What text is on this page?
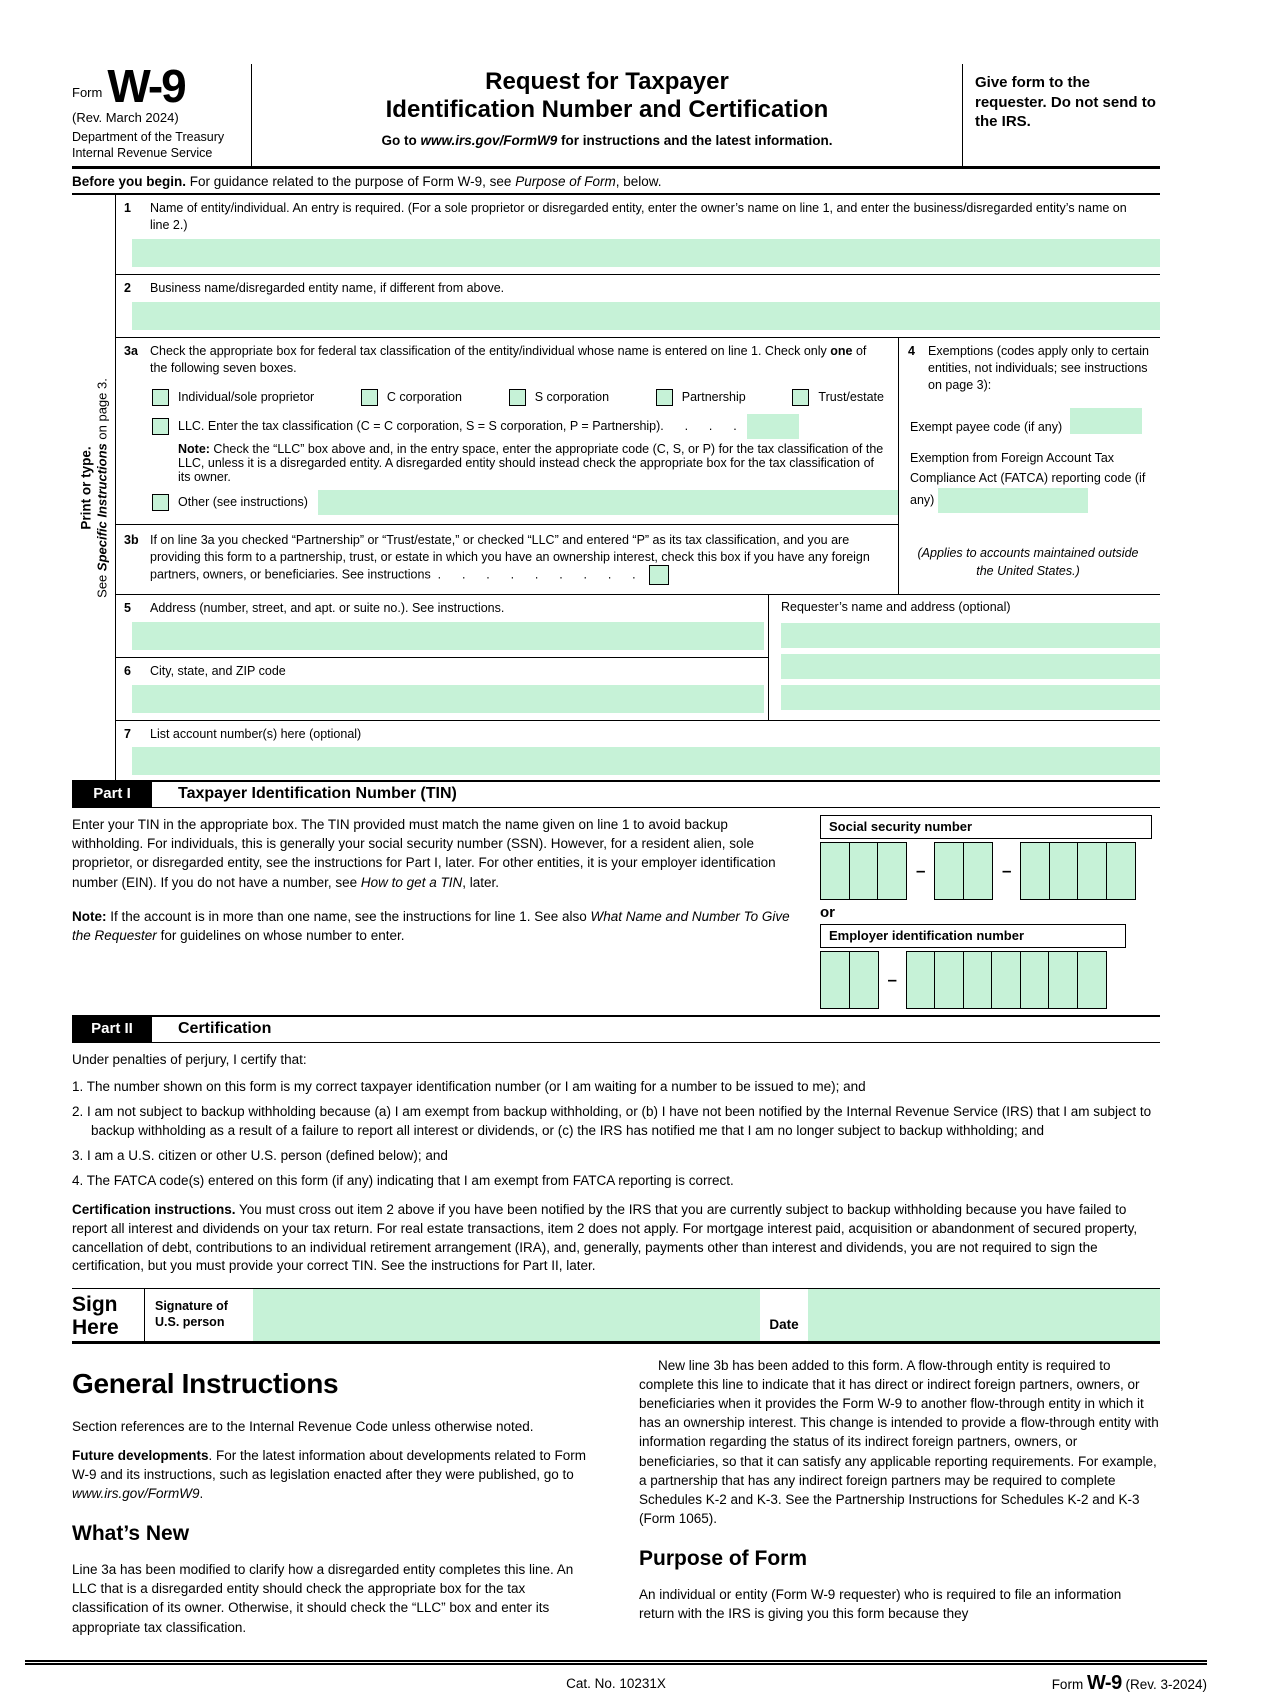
Form W-9
(Rev. March 2024)
Department of the Treasury
Internal Revenue Service
Request for Taxpayer
Identification Number and Certification
Go to www.irs.gov/FormW9 for instructions and the latest information.
Give form to the requester. Do not send to the IRS.
Before you begin. For guidance related to the purpose of Form W-9, see Purpose of Form, below.
Print or type.
See Specific Instructions on page 3.
1	Name of entity/individual. An entry is required. (For a sole proprietor or disregarded entity, enter the owner’s name on line 1, and enter the business/disregarded entity’s name on line 2.)
2	Business name/disregarded entity name, if different from above.
3a Check the appropriate box for federal tax classification of the entity/individual whose name is entered on line 1. Check only one of the following seven boxes.
Individual/sole proprietor	C corporation	S corporation	Partnership	Trust/estate
LLC. Enter the tax classification (C = C corporation, S = S corporation, P = Partnership) .      .      .      .
Note: Check the “LLC” box above and, in the entry space, enter the appropriate code (C, S, or P) for the tax classification of the LLC, unless it is a disregarded entity. A disregarded entity should instead check the appropriate box for the tax classification of its owner.
Other (see instructions)
3b If on line 3a you checked “Partnership” or “Trust/estate,” or checked “LLC” and entered “P” as its tax classification, and you are providing this form to a partnership, trust, or estate in which you have an ownership interest, check this box if you have any foreign partners, owners, or beneficiaries. See instructions  .      .      .      .      .      .      .      .      .
4	Exemptions (codes apply only to certain entities, not individuals; see instructions on page 3):
Exempt payee code (if any)
Exemption from Foreign Account Tax Compliance Act (FATCA) reporting code (if any)
(Applies to accounts maintained outside the United States.)
5	Address (number, street, and apt. or suite no.). See instructions.
6	City, state, and ZIP code
Requester’s name and address (optional)
7	List account number(s) here (optional)
Part I	Taxpayer Identification Number (TIN)
Enter your TIN in the appropriate box. The TIN provided must match the name given on line 1 to avoid backup withholding. For individuals, this is generally your social security number (SSN). However, for a resident alien, sole proprietor, or disregarded entity, see the instructions for Part I, later. For other entities, it is your employer identification number (EIN). If you do not have a number, see How to get a TIN, later.
Note: If the account is in more than one name, see the instructions for line 1. See also What Name and Number To Give the Requester for guidelines on whose number to enter.
Social security number
–	–
or
Employer identification number
–
Part II	Certification
Under penalties of perjury, I certify that:
1. The number shown on this form is my correct taxpayer identification number (or I am waiting for a number to be issued to me); and
2. I am not subject to backup withholding because (a) I am exempt from backup withholding, or (b) I have not been notified by the Internal Revenue Service (IRS) that I am subject to backup withholding as a result of a failure to report all interest or dividends, or (c) the IRS has notified me that I am no longer subject to backup withholding; and
3. I am a U.S. citizen or other U.S. person (defined below); and
4. The FATCA code(s) entered on this form (if any) indicating that I am exempt from FATCA reporting is correct.
Certification instructions. You must cross out item 2 above if you have been notified by the IRS that you are currently subject to backup withholding because you have failed to report all interest and dividends on your tax return. For real estate transactions, item 2 does not apply. For mortgage interest paid, acquisition or abandonment of secured property, cancellation of debt, contributions to an individual retirement arrangement (IRA), and, generally, payments other than interest and dividends, you are not required to sign the certification, but you must provide your correct TIN. See the instructions for Part II, later.
Sign Here
Signature of U.S. person	Date
General Instructions

Section references are to the Internal Revenue Code unless otherwise noted.

Future developments. For the latest information about developments related to Form W-9 and its instructions, such as legislation enacted after they were published, go to www.irs.gov/FormW9.

What’s New

Line 3a has been modified to clarify how a disregarded entity completes this line. An LLC that is a disregarded entity should check the appropriate box for the tax classification of its owner. Otherwise, it should check the “LLC” box and enter its appropriate tax classification.

New line 3b has been added to this form. A flow-through entity is required to complete this line to indicate that it has direct or indirect foreign partners, owners, or beneficiaries when it provides the Form W-9 to another flow-through entity in which it has an ownership interest. This change is intended to provide a flow-through entity with information regarding the status of its indirect foreign partners, owners, or beneficiaries, so that it can satisfy any applicable reporting requirements. For example, a partnership that has any indirect foreign partners may be required to complete Schedules K-2 and K-3. See the Partnership Instructions for Schedules K-2 and K-3 (Form 1065).

Purpose of Form

An individual or entity (Form W-9 requester) who is required to file an information return with the IRS is giving you this form because they

Cat. No. 10231X	Form W-9 (Rev. 3-2024)
